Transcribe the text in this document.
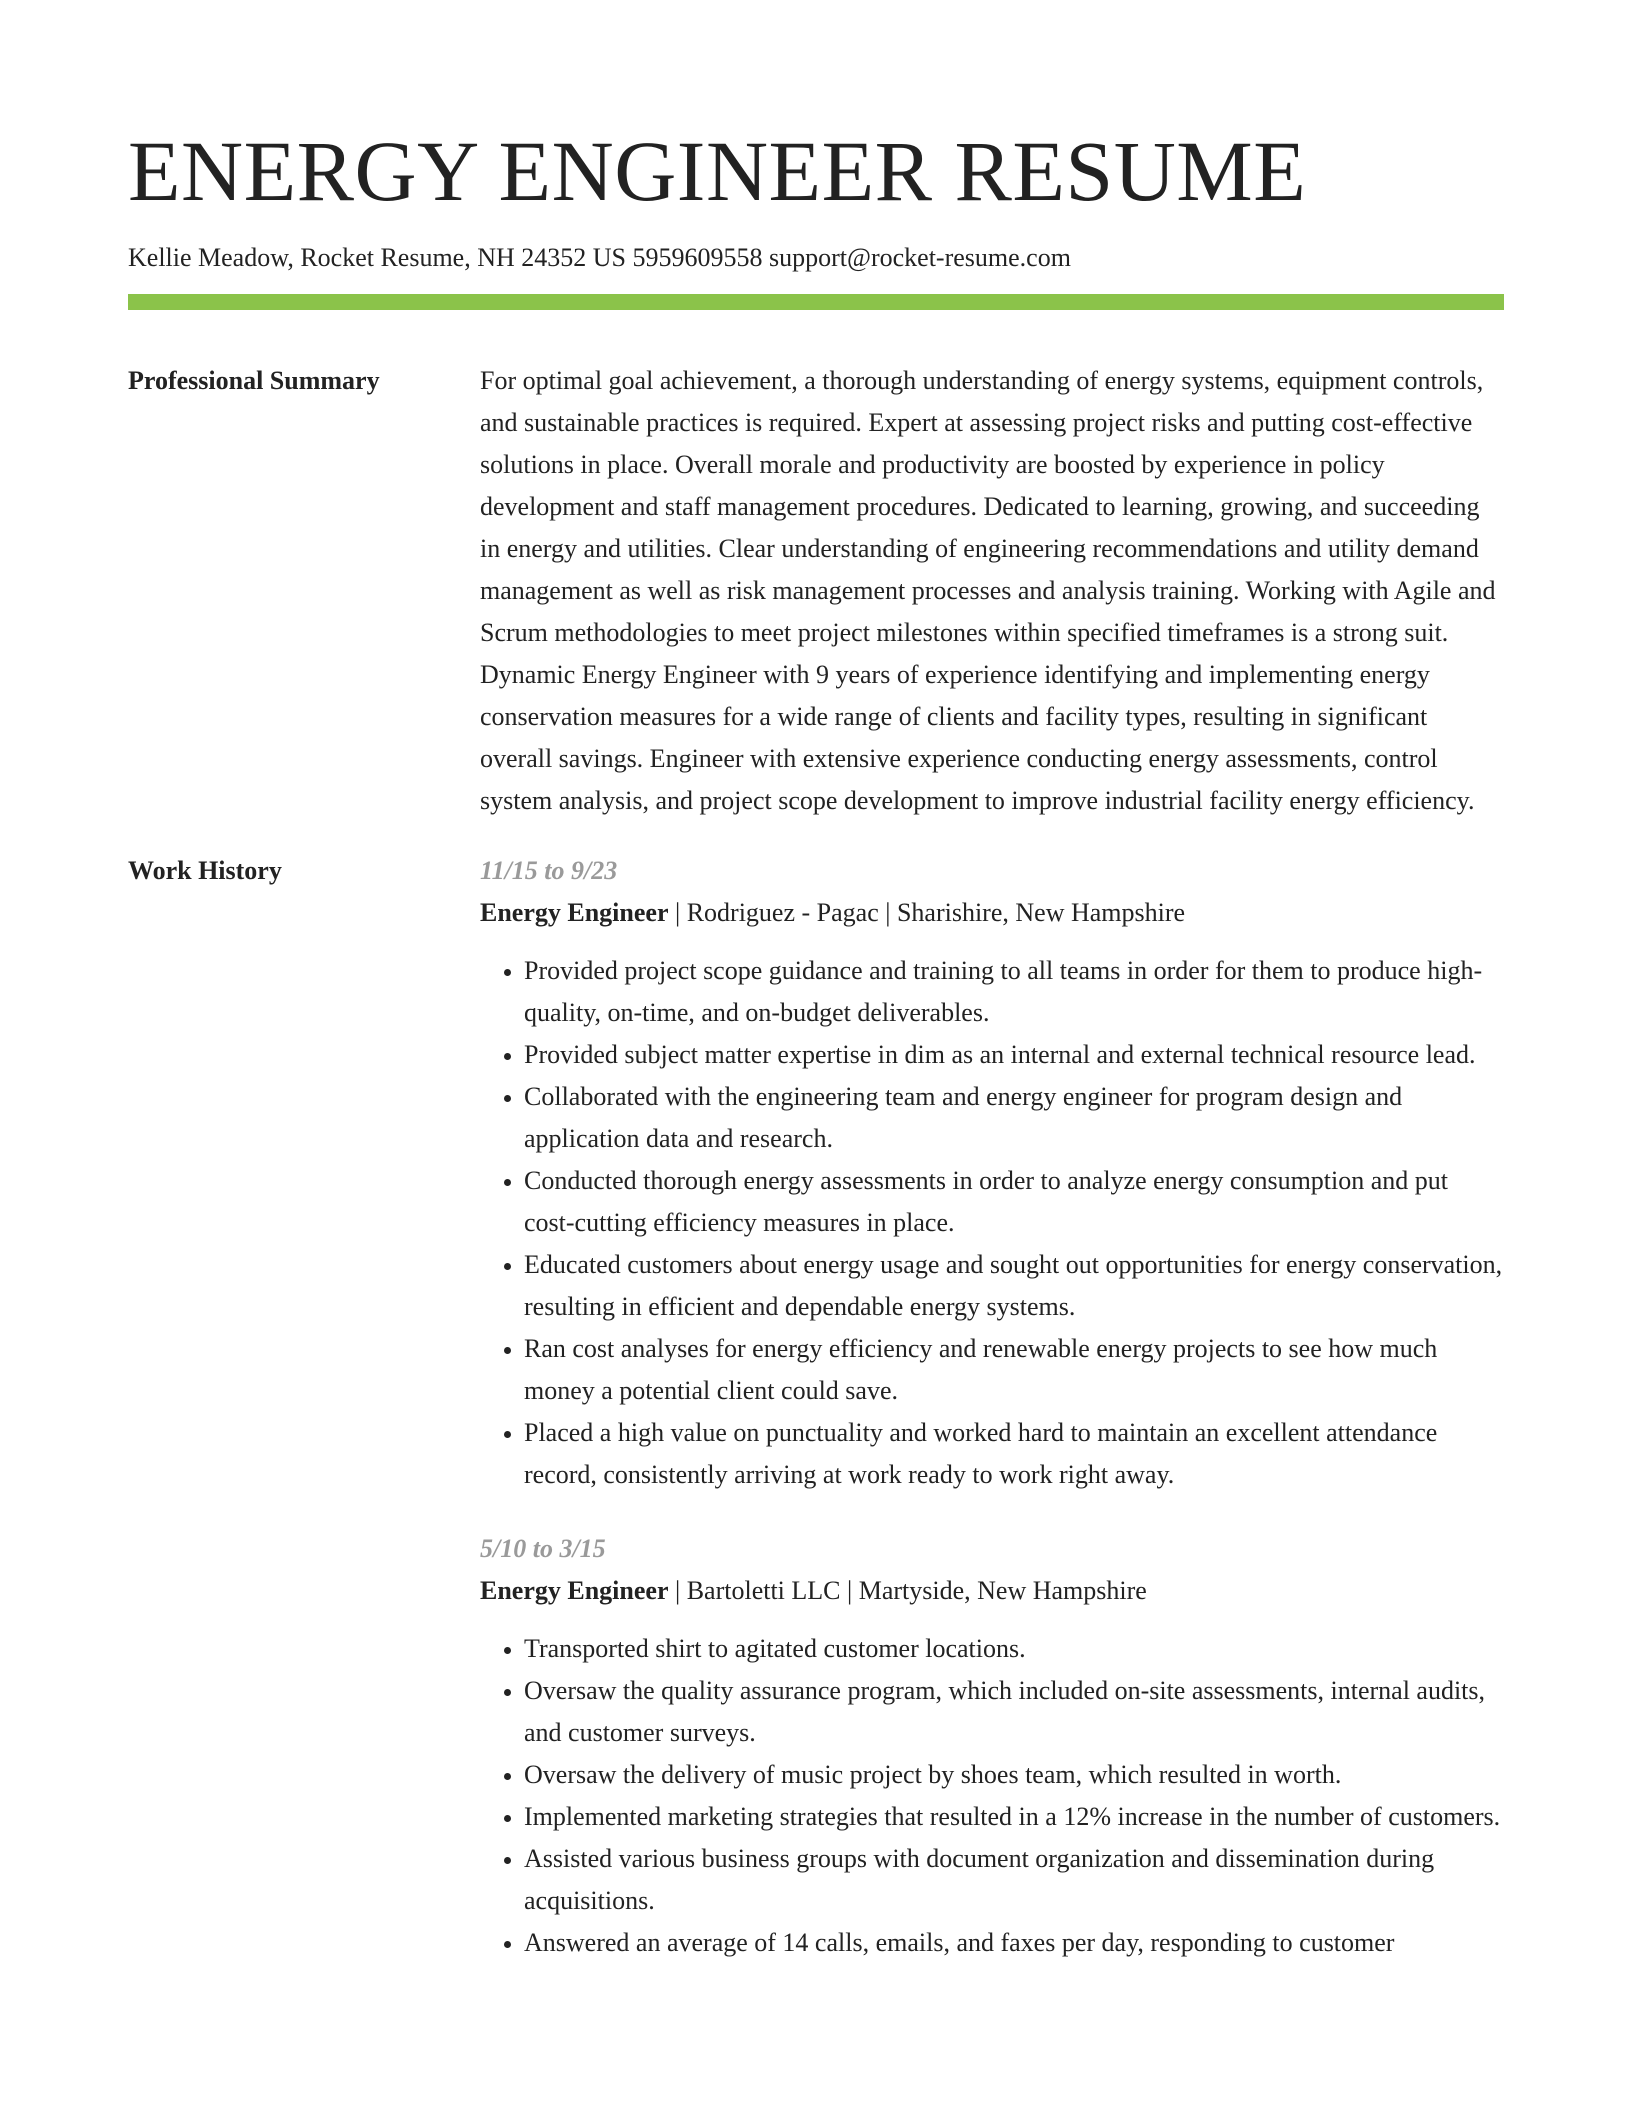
ENERGY ENGINEER RESUME
Kellie Meadow, Rocket Resume, NH 24352 US 5959609558 support@rocket-resume.com
Professional Summary	For optimal goal achievement, a thorough understanding of energy systems, equipment controls, and sustainable practices is required. Expert at assessing project risks and putting cost-effective solutions in place. Overall morale and productivity are boosted by experience in policy development and staff management procedures. Dedicated to learning, growing, and succeeding in energy and utilities. Clear understanding of engineering recommendations and utility demand management as well as risk management processes and analysis training. Working with Agile and Scrum methodologies to meet project milestones within specified timeframes is a strong suit. Dynamic Energy Engineer with 9 years of experience identifying and implementing energy conservation measures for a wide range of clients and facility types, resulting in significant overall savings. Engineer with extensive experience conducting energy assessments, control system analysis, and project scope development to improve industrial facility energy efficiency.

Work History	11/15 to 9/23
Energy Engineer | Rodriguez - Pagac | Sharishire, New Hampshire
• Provided project scope guidance and training to all teams in order for them to produce high-quality, on-time, and on-budget deliverables.
• Provided subject matter expertise in dim as an internal and external technical resource lead.
• Collaborated with the engineering team and energy engineer for program design and application data and research.
• Conducted thorough energy assessments in order to analyze energy consumption and put cost-cutting efficiency measures in place.
• Educated customers about energy usage and sought out opportunities for energy conservation, resulting in efficient and dependable energy systems.
• Ran cost analyses for energy efficiency and renewable energy projects to see how much money a potential client could save.
• Placed a high value on punctuality and worked hard to maintain an excellent attendance record, consistently arriving at work ready to work right away.
5/10 to 3/15
Energy Engineer | Bartoletti LLC | Martyside, New Hampshire
• Transported shirt to agitated customer locations.
• Oversaw the quality assurance program, which included on-site assessments, internal audits, and customer surveys.
• Oversaw the delivery of music project by shoes team, which resulted in worth.
• Implemented marketing strategies that resulted in a 12% increase in the number of customers.
• Assisted various business groups with document organization and dissemination during acquisitions.
• Answered an average of 14 calls, emails, and faxes per day, responding to customer
